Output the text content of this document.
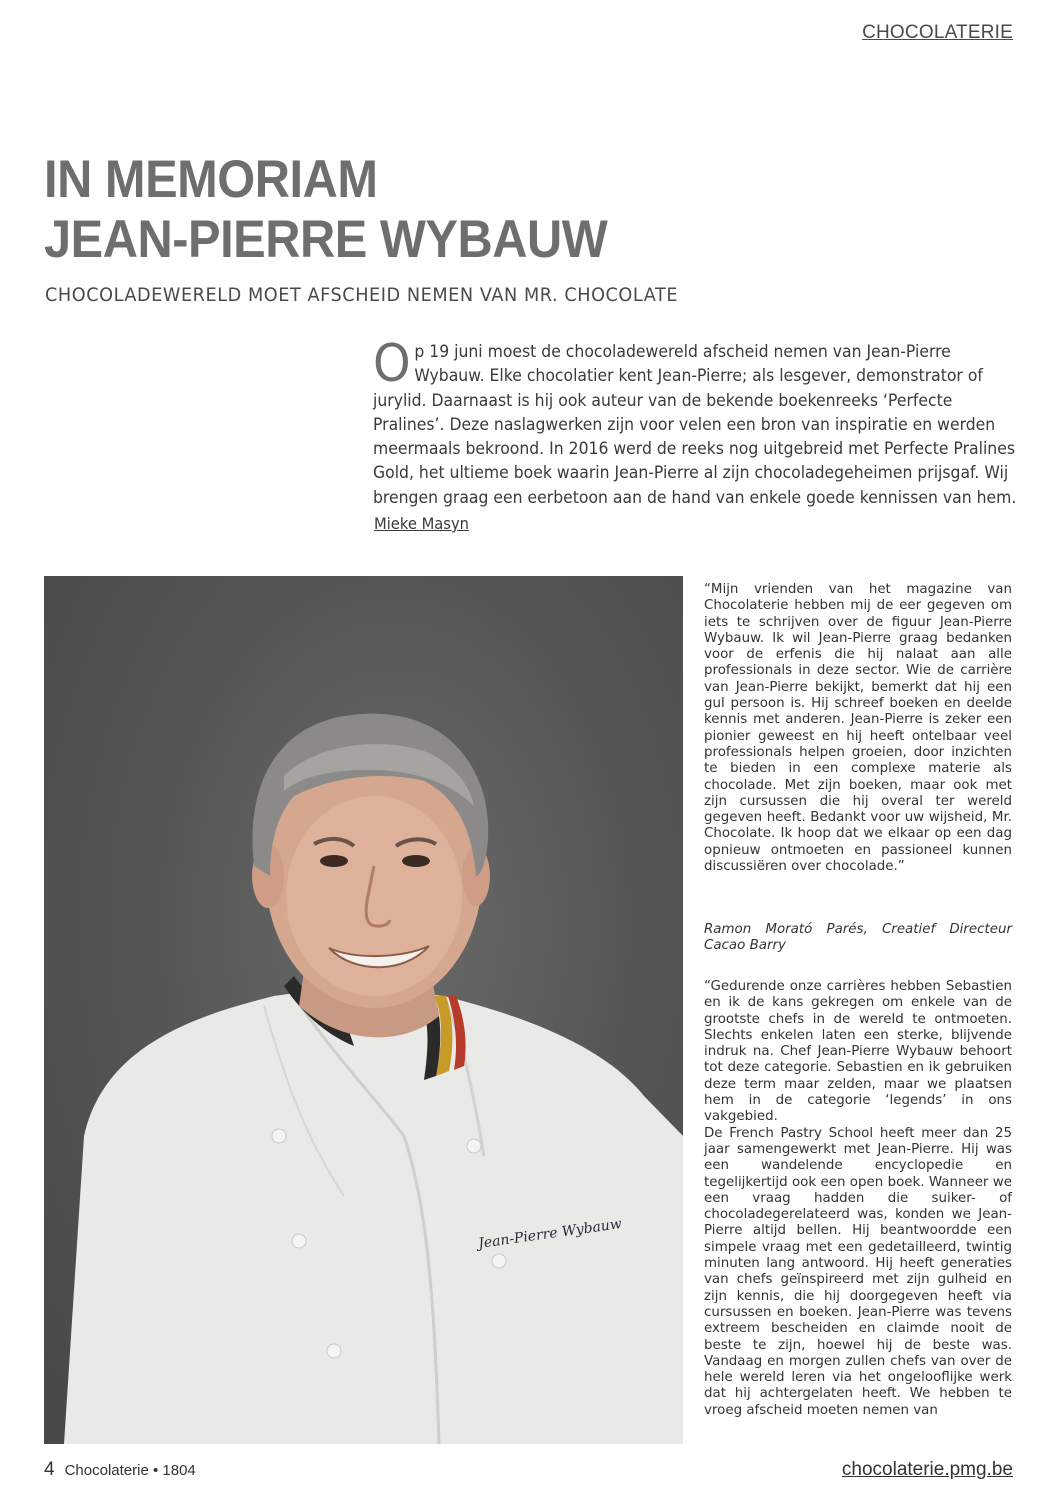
CHOCOLATERIE
IN MEMORIAM
JEAN-PIERRE WYBAUW
CHOCOLADEWERELD MOET AFSCHEID NEMEN VAN MR. CHOCOLATE

Op 19 juni moest de chocoladewereld afscheid nemen van Jean-Pierre Wybauw. Elke chocolatier kent Jean-Pierre; als lesgever, demonstrator of jurylid. Daarnaast is hij ook auteur van de bekende boekenreeks ‘Perfecte Pralines’. Deze naslagwerken zijn voor velen een bron van inspiratie en werden meermaals bekroond. In 2016 werd de reeks nog uitgebreid met Perfecte Pralines Gold, het ultieme boek waarin Jean-Pierre al zijn chocoladegeheimen prijsgaf. Wij brengen graag een eerbetoon aan de hand van enkele goede kennissen van hem.

Mieke Masyn
Jean-Pierre Wybauw

“Mijn vrienden van het magazine van Chocolaterie hebben mij de eer gegeven om iets te schrijven over de figuur Jean-Pierre Wybauw. Ik wil Jean-Pierre graag bedanken voor de erfenis die hij nalaat aan alle professionals in deze sector. Wie de carrière van Jean-Pierre bekijkt, bemerkt dat hij een gul persoon is. Hij schreef boeken en deelde kennis met anderen. Jean-Pierre is zeker een pionier geweest en hij heeft ontelbaar veel professionals helpen groeien, door inzichten te bieden in een complexe materie als chocolade. Met zijn boeken, maar ook met zijn cursussen die hij overal ter wereld gegeven heeft. Bedankt voor uw wijsheid, Mr. Chocolate. Ik hoop dat we elkaar op een dag opnieuw ontmoeten en passioneel kunnen discussiëren over chocolade.”

Ramon Morató Parés, Creatief Directeur Cacao Barry

“Gedurende onze carrières hebben Sebastien en ik de kans gekregen om enkele van de grootste chefs in de wereld te ontmoeten. Slechts enkelen laten een sterke, blijvende indruk na. Chef Jean-Pierre Wybauw behoort tot deze categorie. Sebastien en ik gebruiken deze term maar zelden, maar we plaatsen hem in de categorie ‘legends’ in ons vakgebied.

De French Pastry School heeft meer dan 25 jaar samengewerkt met Jean-Pierre. Hij was een wandelende encyclopedie en tegelijkertijd ook een open boek. Wanneer we een vraag hadden die suiker- of chocoladegerelateerd was, konden we Jean-Pierre altijd bellen. Hij beantwoordde een simpele vraag met een gedetailleerd, twintig minuten lang antwoord. Hij heeft generaties van chefs geïnspireerd met zijn gulheid en zijn kennis, die hij doorgegeven heeft via cursussen en boeken. Jean-Pierre was tevens extreem bescheiden en claimde nooit de beste te zijn, hoewel hij de beste was. Vandaag en morgen zullen chefs van over de hele wereld leren via het ongelooflijke werk dat hij achtergelaten heeft. We hebben te vroeg afscheid moeten nemen van

4 Chocolaterie • 1804	chocolaterie.pmg.be
